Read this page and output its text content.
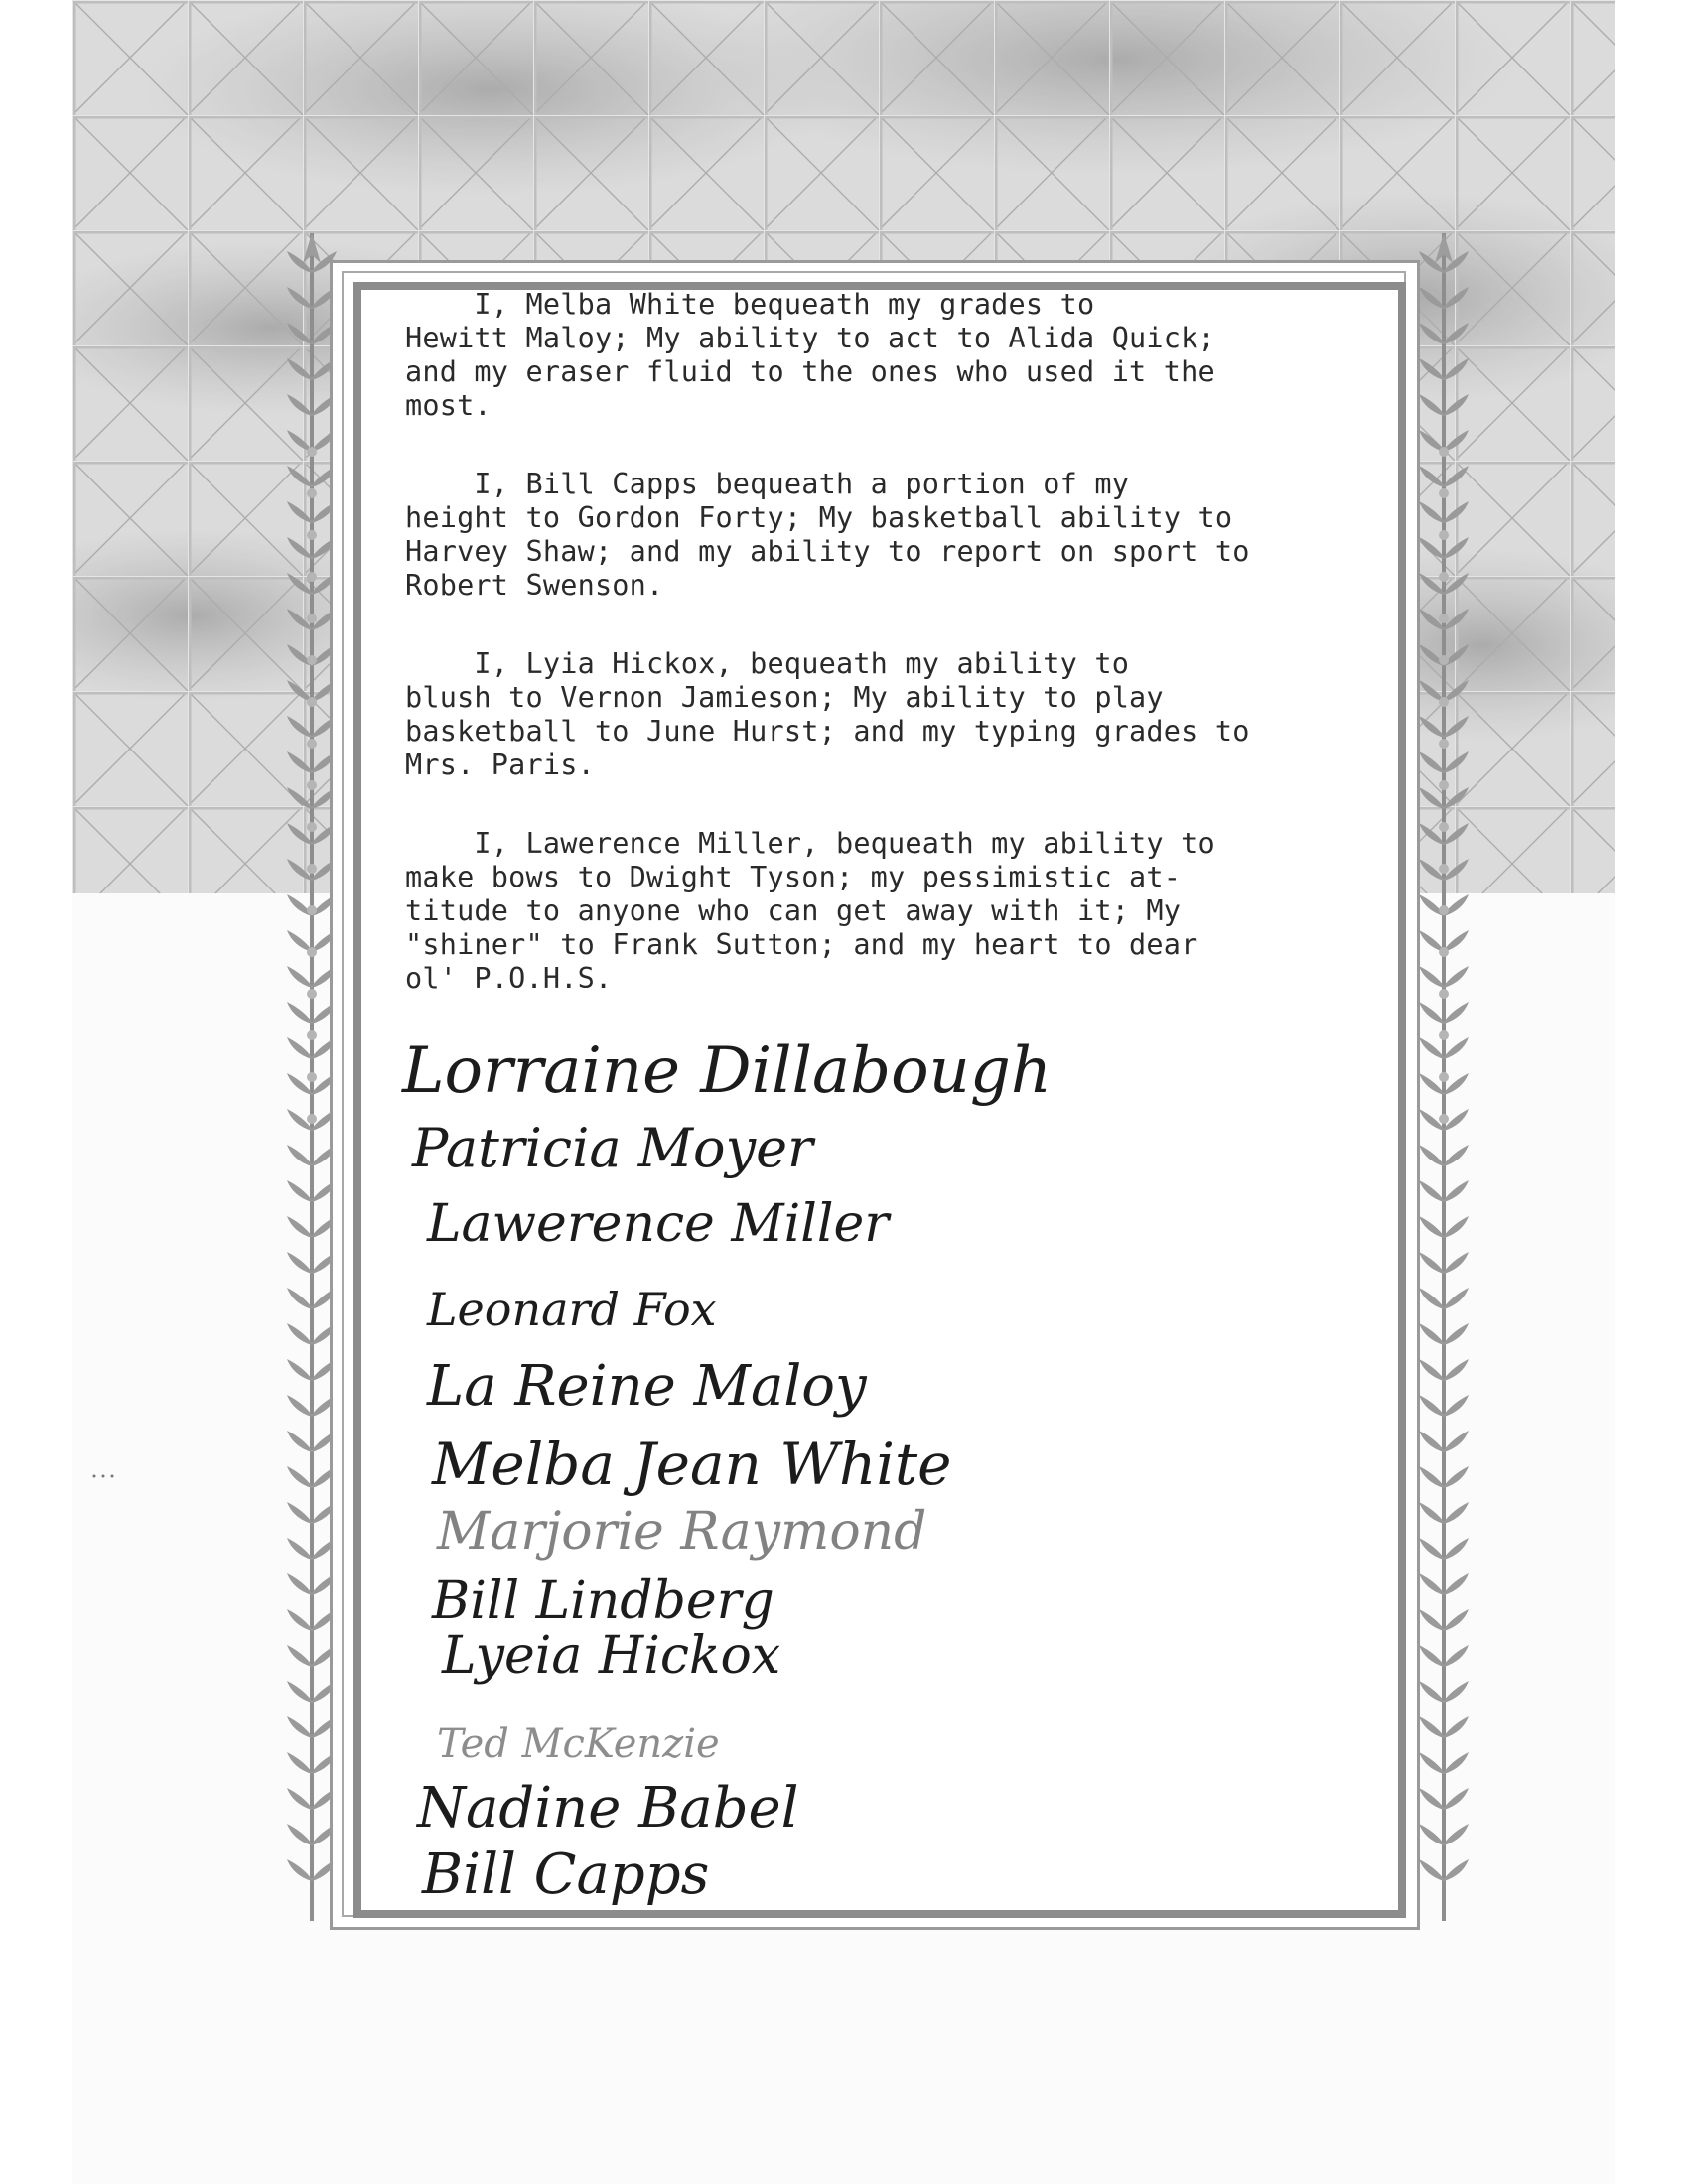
I, Melba White bequeath my grades to
Hewitt Maloy; My ability to act to Alida Quick;
and my eraser fluid to the ones who used it the
most.

I, Bill Capps bequeath a portion of my
height to Gordon Forty; My basketball ability to
Harvey Shaw; and my ability to report on sport to
Robert Swenson.

I, Lyia Hickox, bequeath my ability to
blush to Vernon Jamieson; My ability to play
basketball to June Hurst; and my typing grades to
Mrs. Paris.

I, Lawerence Miller, bequeath my ability to
make bows to Dwight Tyson; my pessimistic at-
titude to anyone who can get away with it; My
"shiner" to Frank Sutton; and my heart to dear
ol' P.O.H.S.

Lorraine Dillabough
Patricia Moyer
Lawerence Miller
Leonard Fox
La Reine Maloy
Melba Jean White
Marjorie Raymond
Bill Lindberg
Lyeia Hickox
Ted McKenzie
Nadine Babel
Bill Capps
